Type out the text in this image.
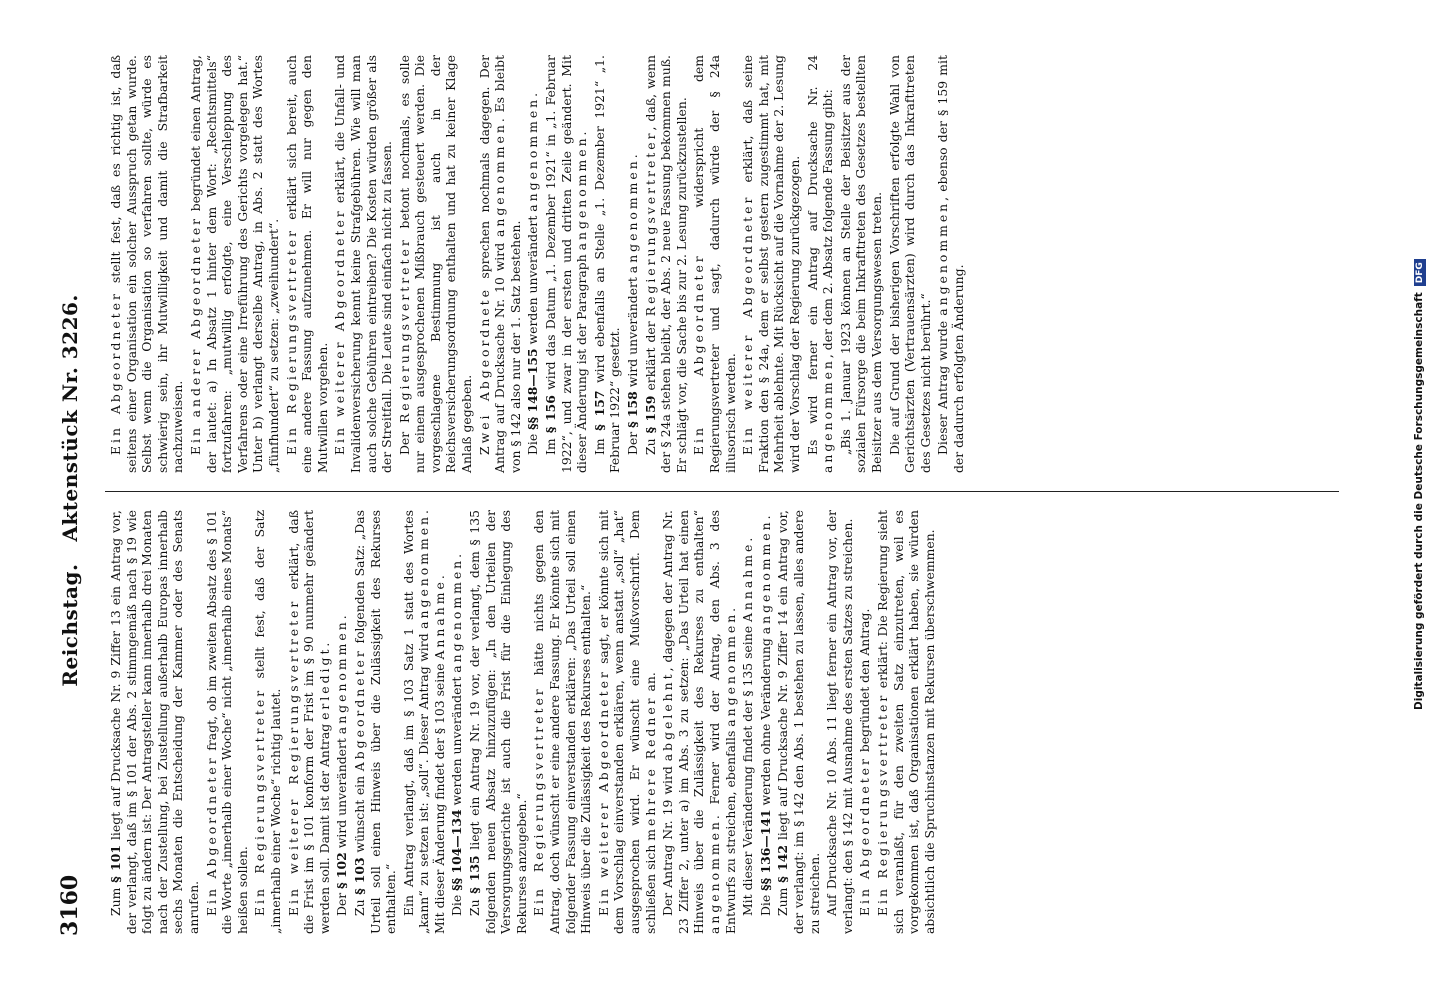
3160
Reichstag.Aktenstück Nr. 3226.

Zum § 101 liegt auf Drucksache Nr. 9 Ziffer 13 ein Antrag vor, der verlangt, daß im § 101 der Abs. 2 stimmgemäß nach § 19 wie folgt zu ändern ist: Der Antragsteller kann innerhalb drei Monaten nach der Zustellung, bei Zustellung außerhalb Europas innerhalb sechs Monaten die Entscheidung der Kammer oder des Senats anrufen. Ein Abgeordneter fragt, ob im zweiten Absatz des § 101 die Worte „innerhalb einer Woche“ nicht „innerhalb eines Monats“ heißen sollen. Ein Regierungsvertreter stellt fest, daß der Satz „innerhalb einer Woche“ richtig lautet. Ein weiterer Regierungsvertreter erklärt, daß die Frist im § 101 konform der Frist im § 90 nunmehr geändert werden soll. Damit ist der Antrag erledigt.

Der § 102 wird unverändert angenommen.

Zu § 103 wünscht ein Abgeordneter folgenden Satz: „Das Urteil soll einen Hinweis über die Zulässigkeit des Rekurses enthalten.“ Ein Antrag verlangt, daß im § 103 Satz 1 statt des Wortes „kann“ zu setzen ist: „soll“. Dieser Antrag wird angenommen. Mit dieser Änderung findet der § 103 seine Annahme.

Die §§ 104—134 werden unverändert angenommen.

Zu § 135 liegt ein Antrag Nr. 19 vor, der verlangt, dem § 135 folgenden neuen Absatz hinzuzufügen: „In den Urteilen der Versorgungsgerichte ist auch die Frist für die Einlegung des Rekurses anzugeben.“ Ein Regierungsvertreter hätte nichts gegen den Antrag, doch wünscht er eine andere Fassung. Er könnte sich mit folgender Fassung einverstanden erklären: „Das Urteil soll einen Hinweis über die Zulässigkeit des Rekurses enthalten.“ Ein weiterer Abgeordneter sagt, er könnte sich mit dem Vorschlag einverstanden erklären, wenn anstatt „soll“ „hat“ ausgesprochen wird. Er wünscht eine Mußvorschrift. Dem schließen sich mehrere Redner an.

Der Antrag Nr. 19 wird abgelehnt, dagegen der Antrag Nr. 23 Ziffer 2, unter a) im Abs. 3 zu setzen: „Das Urteil hat einen Hinweis über die Zulässigkeit des Rekurses zu enthalten“ angenommen. Ferner wird der Antrag, den Abs. 3 des Entwurfs zu streichen, ebenfalls angenommen.

Mit dieser Veränderung findet der § 135 seine Annahme.

Die §§ 136—141 werden ohne Veränderung angenommen.

Zum § 142 liegt auf Drucksache Nr. 9 Ziffer 14 ein Antrag vor, der verlangt: im § 142 den Abs. 1 bestehen zu lassen, alles andere zu streichen. Auf Drucksache Nr. 10 Abs. 11 liegt ferner ein Antrag vor, der verlangt: den § 142 mit Ausnahme des ersten Satzes zu streichen. Ein Abgeordneter begründet den Antrag.

Ein Regierungsvertreter erklärt: Die Regierung sieht sich veranlaßt, für den zweiten Satz einzutreten, weil es vorgekommen ist, daß Organisationen erklärt haben, sie würden absichtlich die Spruchinstanzen mit Rekursen überschwemmen.

Ein Abgeordneter stellt fest, daß es richtig ist, daß seitens einer Organisation ein solcher Ausspruch getan wurde. Selbst wenn die Organisation so verfahren sollte, würde es schwierig sein, ihr Mutwilligkeit und damit die Strafbarkeit nachzuweisen. Ein anderer Abgeordneter begründet einen Antrag, der lautet: a) In Absatz 1 hinter dem Wort: „Rechtsmittels“ fortzufahren: „mutwillig erfolgte, eine Verschleppung des Verfahrens oder eine Irreführung des Gerichts vorgelegen hat.“ Unter b) verlangt derselbe Antrag, in Abs. 2 statt des Wortes „fünfhundert“ zu setzen: „zweihundert“. Ein Regierungsvertreter erklärt sich bereit, auch eine andere Fassung aufzunehmen. Er will nur gegen den Mutwillen vorgehen. Ein weiterer Abgeordneter erklärt, die Unfall- und Invalidenversicherung kennt keine Strafgebühren. Wie will man auch solche Gebühren eintreiben? Die Kosten würden größer als der Streitfall. Die Leute sind einfach nicht zu fassen. Der Regierungsvertreter betont nochmals, es solle nur einem ausgesprochenen Mißbrauch gesteuert werden. Die vorgeschlagene Bestimmung ist auch in der Reichsversicherungsordnung enthalten und hat zu keiner Klage Anlaß gegeben. Zwei Abgeordnete sprechen nochmals dagegen. Der Antrag auf Drucksache Nr. 10 wird angenommen. Es bleibt von § 142 also nur der 1. Satz bestehen. Die §§ 148—155 werden unverändert angenommen.

Im § 156 wird das Datum „1. Dezember 1921“ in „1. Februar 1922“, und zwar in der ersten und dritten Zeile geändert. Mit dieser Änderung ist der Paragraph angenommen.

Im § 157 wird ebenfalls an Stelle „1. Dezember 1921“ „1. Februar 1922“ gesetzt. Der § 158 wird unverändert angenommen.

Zu § 159 erklärt der Regierungsvertreter, daß, wenn der § 24a stehen bleibt, der Abs. 2 neue Fassung bekommen muß. Er schlägt vor, die Sache bis zur 2. Lesung zurückzustellen. Ein Abgeordneter widerspricht dem Regierungsvertreter und sagt, dadurch würde der § 24a illusorisch werden. Ein weiterer Abgeordneter erklärt, daß seine Fraktion den § 24a, dem er selbst gestern zugestimmt hat, mit Mehrheit ablehnte. Mit Rücksicht auf die Vornahme der 2. Lesung wird der Vorschlag der Regierung zurückgezogen. Es wird ferner ein Antrag auf Drucksache Nr. 24 angenommen, der dem 2. Absatz folgende Fassung gibt: „Bis 1. Januar 1923 können an Stelle der Beisitzer aus der sozialen Fürsorge die beim Inkrafttreten des Gesetzes bestellten Beisitzer aus dem Versorgungswesen treten. Die auf Grund der bisherigen Vorschriften erfolgte Wahl von Gerichtsärzten (Vertrauensärzten) wird durch das Inkrafttreten des Gesetzes nicht berührt.“ Dieser Antrag wurde angenommen, ebenso der § 159 mit der dadurch erfolgten Änderung.	Digitalisierung gefördert durch die Deutsche ForschungsgemeinschaftDFG
